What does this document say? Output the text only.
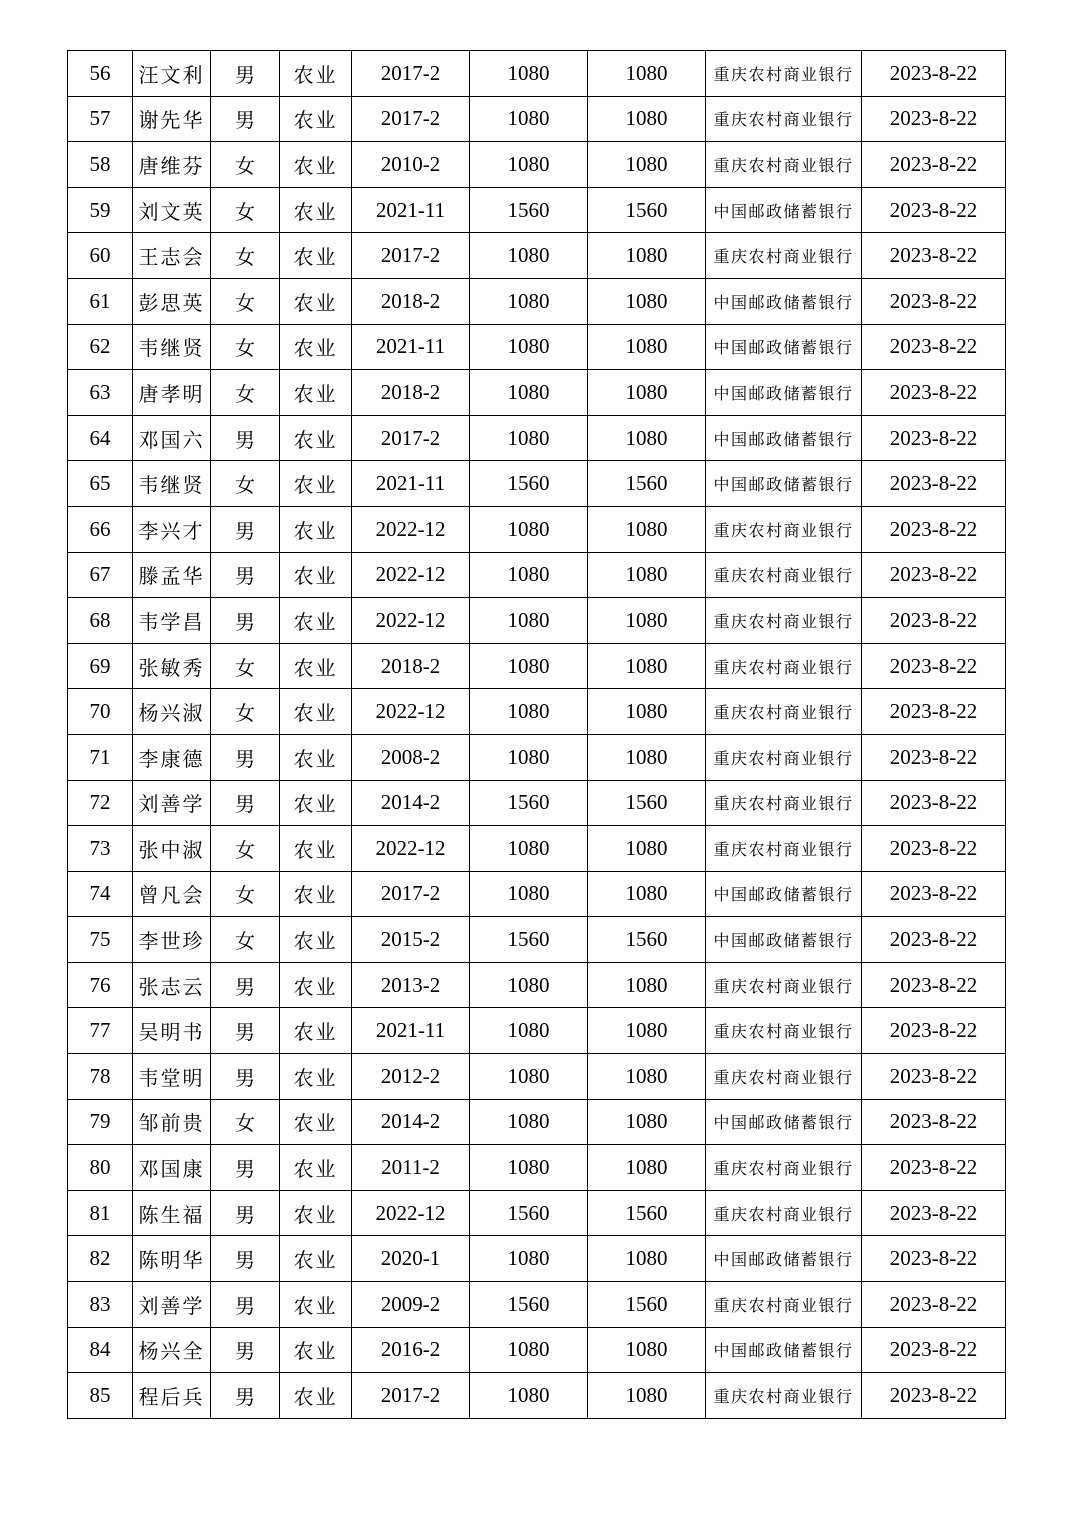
56	汪文利	男	农业	2017-2	1080	1080	重庆农村商业银行	2023-8-22
57	谢先华	男	农业	2017-2	1080	1080	重庆农村商业银行	2023-8-22
58	唐维芬	女	农业	2010-2	1080	1080	重庆农村商业银行	2023-8-22
59	刘文英	女	农业	2021-11	1560	1560	中国邮政储蓄银行	2023-8-22
60	王志会	女	农业	2017-2	1080	1080	重庆农村商业银行	2023-8-22
61	彭思英	女	农业	2018-2	1080	1080	中国邮政储蓄银行	2023-8-22
62	韦继贤	女	农业	2021-11	1080	1080	中国邮政储蓄银行	2023-8-22
63	唐孝明	女	农业	2018-2	1080	1080	中国邮政储蓄银行	2023-8-22
64	邓国六	男	农业	2017-2	1080	1080	中国邮政储蓄银行	2023-8-22
65	韦继贤	女	农业	2021-11	1560	1560	中国邮政储蓄银行	2023-8-22
66	李兴才	男	农业	2022-12	1080	1080	重庆农村商业银行	2023-8-22
67	滕孟华	男	农业	2022-12	1080	1080	重庆农村商业银行	2023-8-22
68	韦学昌	男	农业	2022-12	1080	1080	重庆农村商业银行	2023-8-22
69	张敏秀	女	农业	2018-2	1080	1080	重庆农村商业银行	2023-8-22
70	杨兴淑	女	农业	2022-12	1080	1080	重庆农村商业银行	2023-8-22
71	李康德	男	农业	2008-2	1080	1080	重庆农村商业银行	2023-8-22
72	刘善学	男	农业	2014-2	1560	1560	重庆农村商业银行	2023-8-22
73	张中淑	女	农业	2022-12	1080	1080	重庆农村商业银行	2023-8-22
74	曾凡会	女	农业	2017-2	1080	1080	中国邮政储蓄银行	2023-8-22
75	李世珍	女	农业	2015-2	1560	1560	中国邮政储蓄银行	2023-8-22
76	张志云	男	农业	2013-2	1080	1080	重庆农村商业银行	2023-8-22
77	吴明书	男	农业	2021-11	1080	1080	重庆农村商业银行	2023-8-22
78	韦堂明	男	农业	2012-2	1080	1080	重庆农村商业银行	2023-8-22
79	邹前贵	女	农业	2014-2	1080	1080	中国邮政储蓄银行	2023-8-22
80	邓国康	男	农业	2011-2	1080	1080	重庆农村商业银行	2023-8-22
81	陈生福	男	农业	2022-12	1560	1560	重庆农村商业银行	2023-8-22
82	陈明华	男	农业	2020-1	1080	1080	中国邮政储蓄银行	2023-8-22
83	刘善学	男	农业	2009-2	1560	1560	重庆农村商业银行	2023-8-22
84	杨兴全	男	农业	2016-2	1080	1080	中国邮政储蓄银行	2023-8-22
85	程后兵	男	农业	2017-2	1080	1080	重庆农村商业银行	2023-8-22
